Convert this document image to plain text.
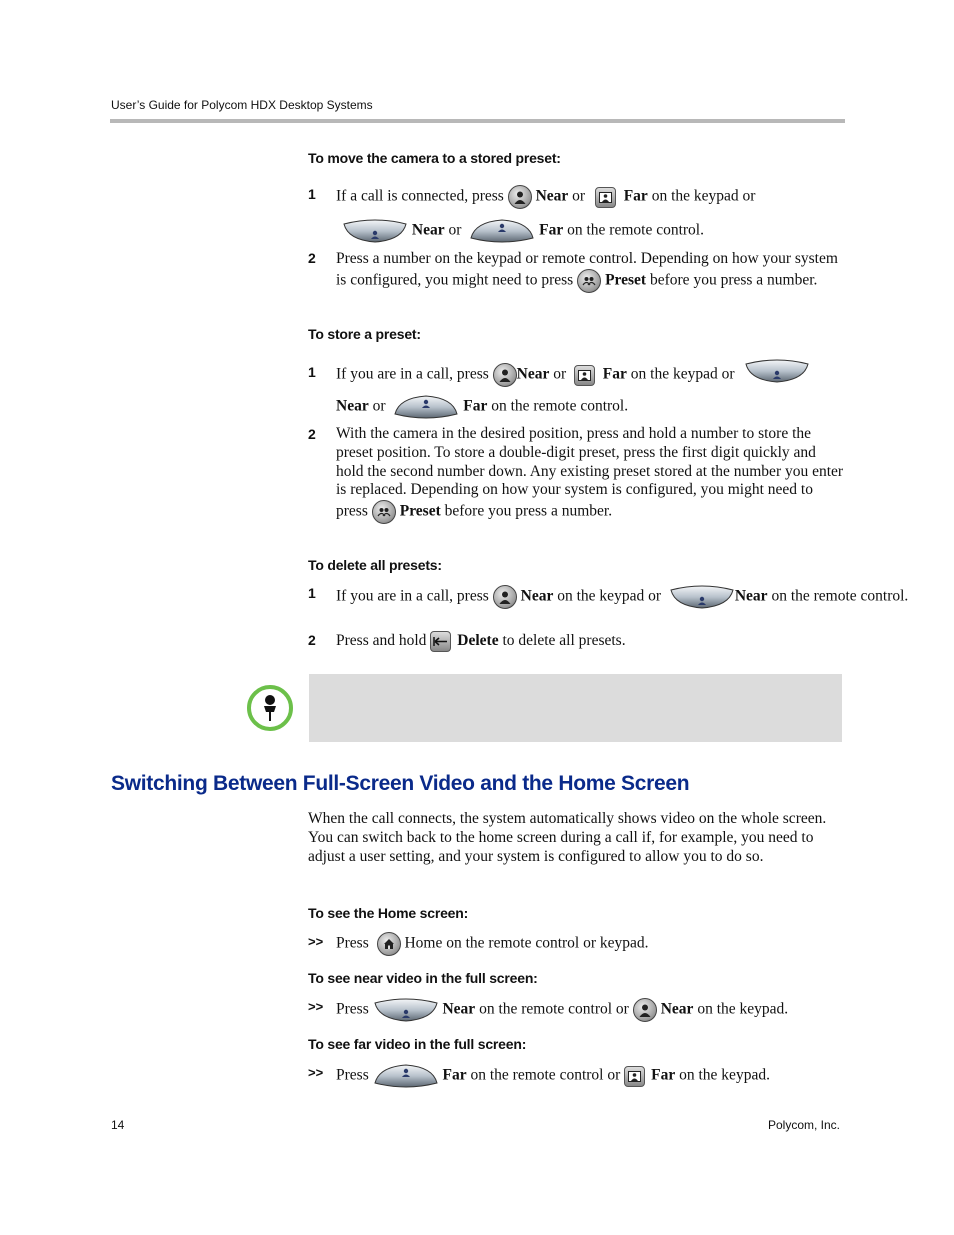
User’s Guide for Polycom HDX Desktop Systems
To move the camera to a stored preset:
1 If a call is connected, press
Near or
Far on the keypad or
Near or	Far on the remote control.
2 Press a number on the keypad or remote control. Depending on how your system is configured, you might need to press
Preset before you press a number.
To store a preset:
1 If you are in a call, press
Near or
Far on the keypad or
Near or	Far on the remote control.
2 With the camera in the desired position, press and hold a number to store the preset position. To store a double-digit preset, press the first digit quickly and hold the second number down. Any existing preset stored at the number you enter is replaced. Depending on how your system is configured, you might need to press
Preset before you press a number.
To delete all presets:
1 If you are in a call, press
Near on the keypad or	Near on the remote control.
2 Press and hold
Delete to delete all presets.
Switching Between Full-Screen Video and the Home Screen
When the call connects, the system automatically shows video on the whole screen. You can switch back to the home screen during a call if, for example, you need to adjust a user setting, and your system is configured to allow you to do so.
To see the Home screen:
>> Press
Home on the remote control or keypad.
To see near video in the full screen:
>> Press	Near on the remote control or
Near on the keypad.
To see far video in the full screen:
>> Press	Far on the remote control or
Far on the keypad.
14	Polycom, Inc.
